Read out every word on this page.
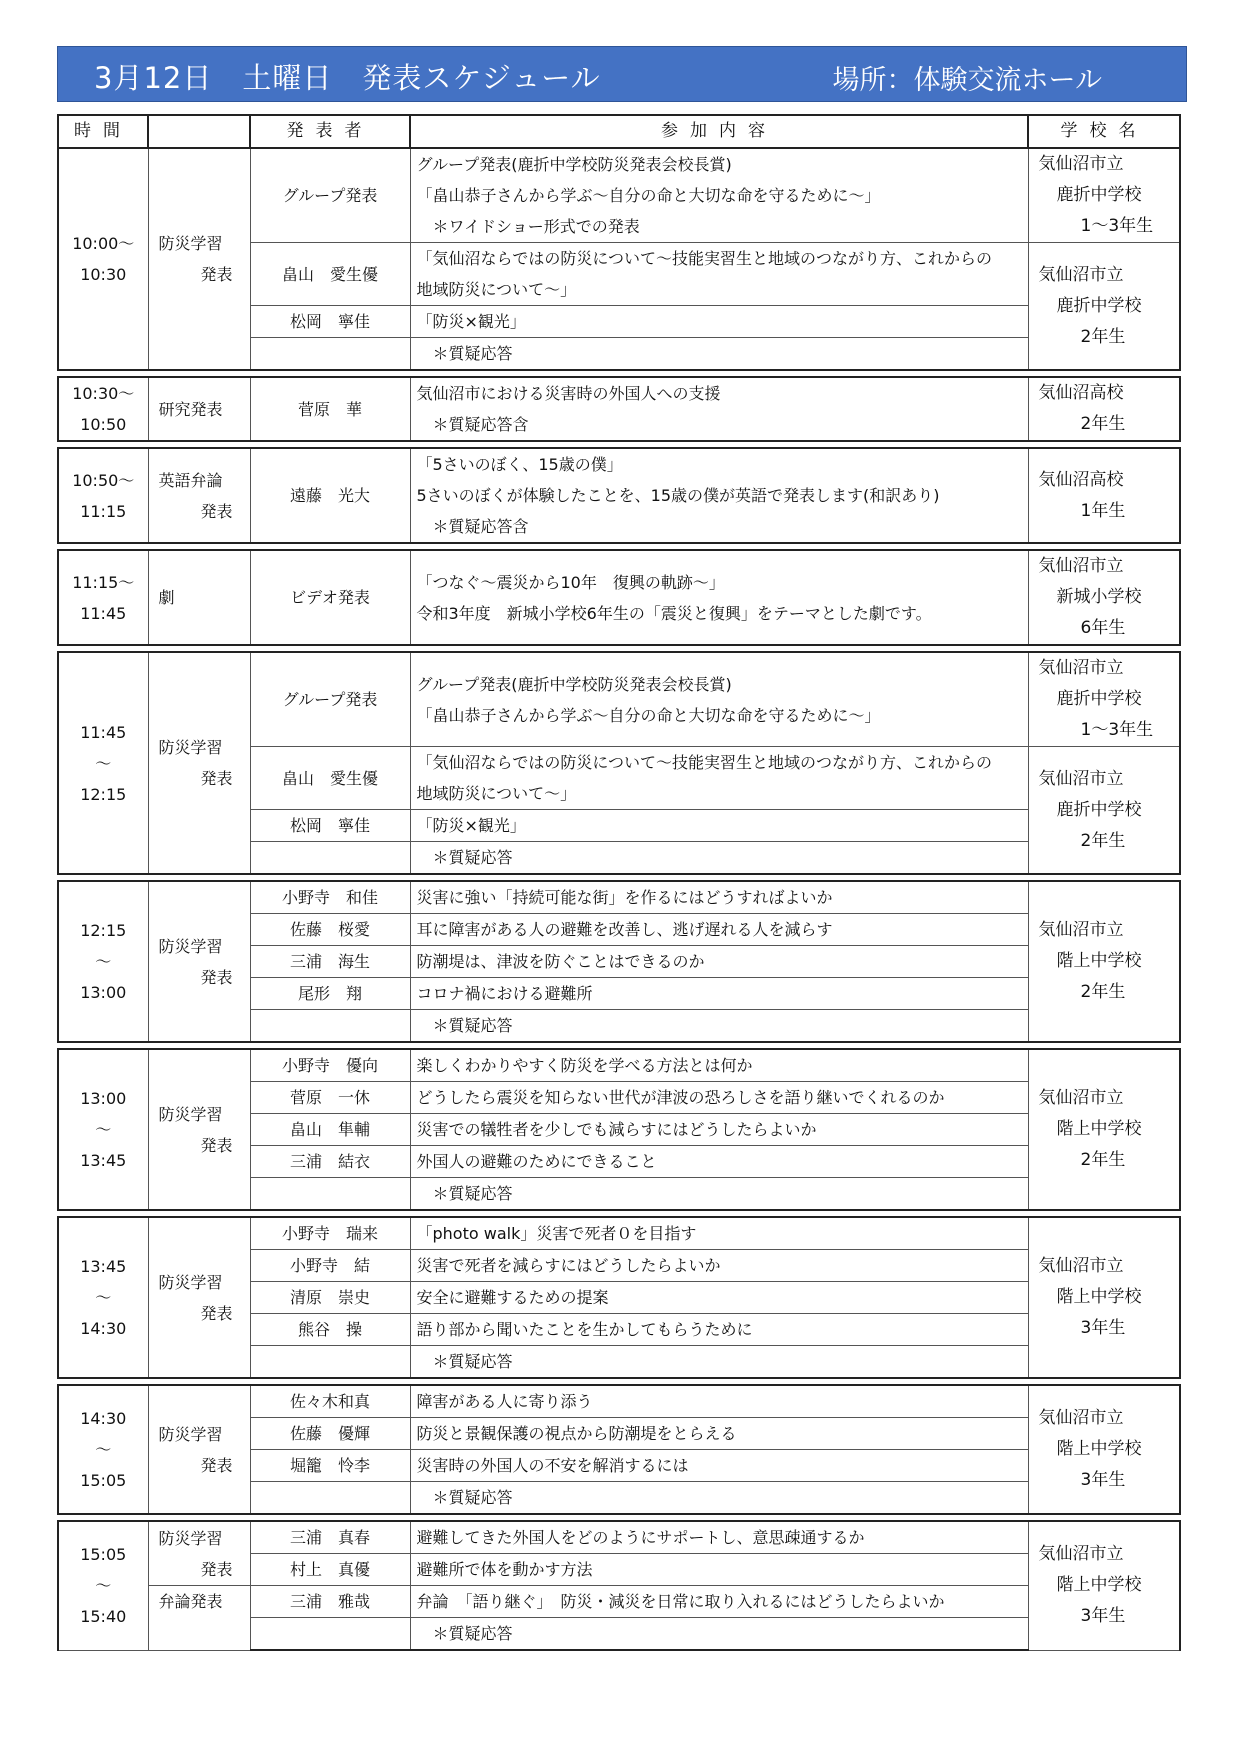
3月12日　土曜日　発表スケジュール	場所：体験交流ホール
時間		発表者	参加内容	学校名

10:00～
10:30	防災学習
発表	グループ発表	グループ発表(鹿折中学校防災発表会校長賞)
「畠山恭子さんから学ぶ～自分の命と大切な命を守るために～」
　＊ワイドショー形式での発表	気仙沼市立
鹿折中学校
1～3年生

		畠山　愛生優	「気仙沼ならではの防災について～技能実習生と地域のつながり方、これからの
地域防災について～」	気仙沼市立
鹿折中学校
2年生

		松岡　寧佳	「防災×観光」	

			　＊質疑応答	

10:30～
10:50	研究発表	菅原　華	気仙沼市における災害時の外国人への支援
　＊質疑応答含	気仙沼高校
2年生

10:50～
11:15	英語弁論
発表	遠藤　光大	「5さいのぼく、15歳の僕」
5さいのぼくが体験したことを、15歳の僕が英語で発表します(和訳あり)
　＊質疑応答含	気仙沼高校
1年生

11:15～
11:45	劇	ビデオ発表	「つなぐ～震災から10年　復興の軌跡～」
令和3年度　新城小学校6年生の「震災と復興」をテーマとした劇です。	気仙沼市立
新城小学校
6年生

11:45
～
12:15	防災学習
発表	グループ発表	グループ発表(鹿折中学校防災発表会校長賞)
「畠山恭子さんから学ぶ～自分の命と大切な命を守るために～」	気仙沼市立
鹿折中学校
1～3年生

		畠山　愛生優	「気仙沼ならではの防災について～技能実習生と地域のつながり方、これからの
地域防災について～」	気仙沼市立
鹿折中学校
2年生

		松岡　寧佳	「防災×観光」	

			　＊質疑応答	

12:15
～
13:00	防災学習
発表	小野寺　和佳	災害に強い「持続可能な街」を作るにはどうすればよいか	気仙沼市立
階上中学校
2年生

		佐藤　桜愛	耳に障害がある人の避難を改善し、逃げ遅れる人を減らす	

		三浦　海生	防潮堤は、津波を防ぐことはできるのか	

		尾形　翔	コロナ禍における避難所	

			　＊質疑応答	

13:00
～
13:45	防災学習
発表	小野寺　優向	楽しくわかりやすく防災を学べる方法とは何か	気仙沼市立
階上中学校
2年生

		菅原　一休	どうしたら震災を知らない世代が津波の恐ろしさを語り継いでくれるのか	

		畠山　隼輔	災害での犠牲者を少しでも減らすにはどうしたらよいか	

		三浦　結衣	外国人の避難のためにできること	

			　＊質疑応答	

13:45
～
14:30	防災学習
発表	小野寺　瑞来	「photo walk」災害で死者０を目指す	気仙沼市立
階上中学校
3年生

		小野寺　結	災害で死者を減らすにはどうしたらよいか	

		清原　崇史	安全に避難するための提案	

		熊谷　操	語り部から聞いたことを生かしてもらうために	

			　＊質疑応答	

14:30
～
15:05	防災学習
発表	佐々木和真	障害がある人に寄り添う	気仙沼市立
階上中学校
3年生

		佐藤　優輝	防災と景観保護の視点から防潮堤をとらえる	

		堀籠　怜李	災害時の外国人の不安を解消するには	

			　＊質疑応答	

15:05
～
15:40	防災学習
発表	三浦　真春	避難してきた外国人をどのようにサポートし、意思疎通するか	気仙沼市立
階上中学校
3年生

		村上　真優	避難所で体を動かす方法	

	弁論発表	三浦　雅哉	弁論　「語り継ぐ」　防災・減災を日常に取り入れるにはどうしたらよいか	

			　＊質疑応答	
